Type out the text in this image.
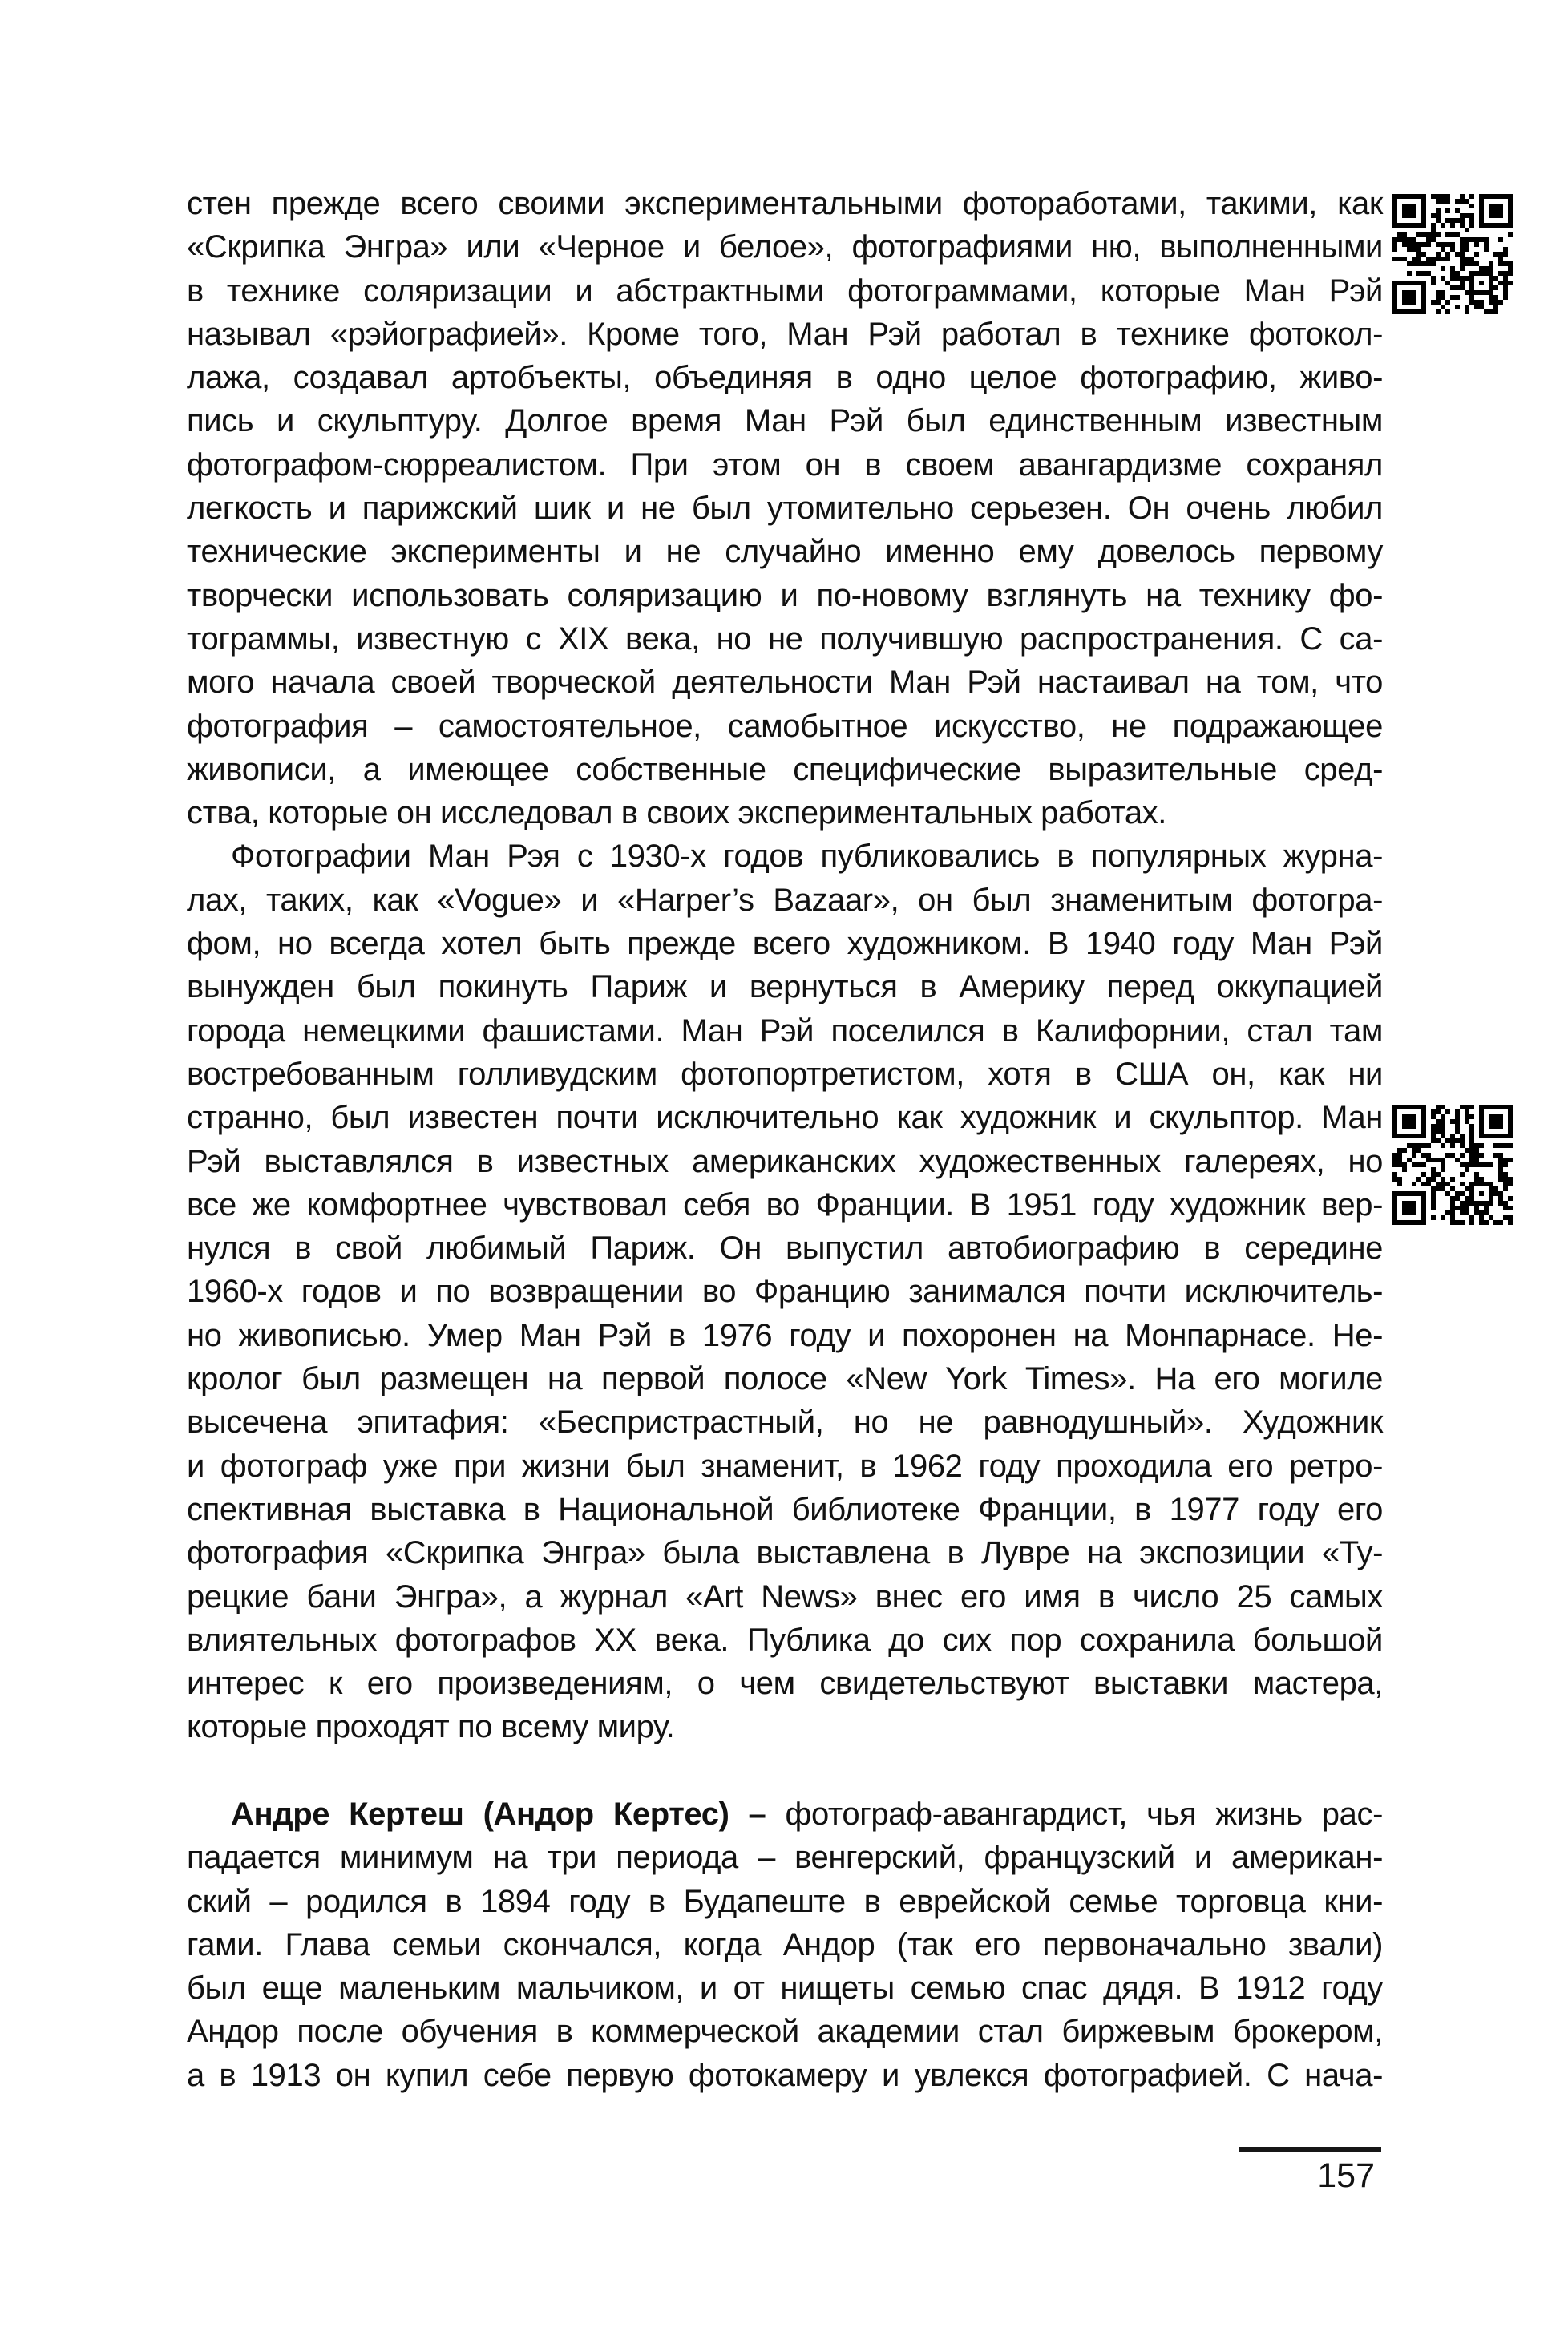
стен прежде всего своими экспериментальными фотоработами, такими, как
«Скрипка Энгра» или «Черное и белое», фотографиями ню, выполненными
в технике соляризации и абстрактными фотограммами, которые Ман Рэй
называл «рэйографией». Кроме того, Ман Рэй работал в технике фотокол-
лажа, создавал артобъекты, объединяя в одно целое фотографию, живо-
пись и скульптуру. Долгое время Ман Рэй был единственным известным
фотографом-сюрреалистом. При этом он в своем авангардизме сохранял
легкость и парижский шик и не был утомительно серьезен. Он очень любил
технические эксперименты и не случайно именно ему довелось первому
творчески использовать соляризацию и по-новому взглянуть на технику фо-
тограммы, известную с XIX века, но не получившую распространения. С са-
мого начала своей творческой деятельности Ман Рэй настаивал на том, что
фотография – самостоятельное, самобытное искусство, не подражающее
живописи, а имеющее собственные специфические выразительные сред-
ства, которые он исследовал в своих экспериментальных работах.
Фотографии Ман Рэя с 1930-х годов публиковались в популярных журна-
лах, таких, как «Vogue» и «Harper’s Bazaar», он был знаменитым фотогра-
фом, но всегда хотел быть прежде всего художником. В 1940 году Ман Рэй
вынужден был покинуть Париж и вернуться в Америку перед оккупацией
города немецкими фашистами. Ман Рэй поселился в Калифорнии, стал там
востребованным голливудским фотопортретистом, хотя в США он, как ни
странно, был известен почти исключительно как художник и скульптор. Ман
Рэй выставлялся в известных американских художественных галереях, но
все же комфортнее чувствовал себя во Франции. В 1951 году художник вер-
нулся в свой любимый Париж. Он выпустил автобиографию в середине
1960-х годов и по возвращении во Францию занимался почти исключитель-
но живописью. Умер Ман Рэй в 1976 году и похоронен на Монпарнасе. Не-
кролог был размещен на первой полосе «New York Times». На его могиле
высечена эпитафия: «Беспристрастный, но не равнодушный». Художник
и фотограф уже при жизни был знаменит, в 1962 году проходила его ретро-
спективная выставка в Национальной библиотеке Франции, в 1977 году его
фотография «Скрипка Энгра» была выставлена в Лувре на экспозиции «Ту-
рецкие бани Энгра», а журнал «Art News» внес его имя в число 25 самых
влиятельных фотографов XX века. Публика до сих пор сохранила большой
интерес к его произведениям, о чем свидетельствуют выставки мастера,
которые проходят по всему миру.
Андре Кертеш (Андор Кертес) – фотограф-авангардист, чья жизнь рас-
падается минимум на три периода – венгерский, французский и американ-
ский – родился в 1894 году в Будапеште в еврейской семье торговца кни-
гами. Глава семьи скончался, когда Андор (так его первоначально звали)
был еще маленьким мальчиком, и от нищеты семью спас дядя. В 1912 году
Андор после обучения в коммерческой академии стал биржевым брокером,
а в 1913 он купил себе первую фотокамеру и увлекся фотографией. С нача-
157
